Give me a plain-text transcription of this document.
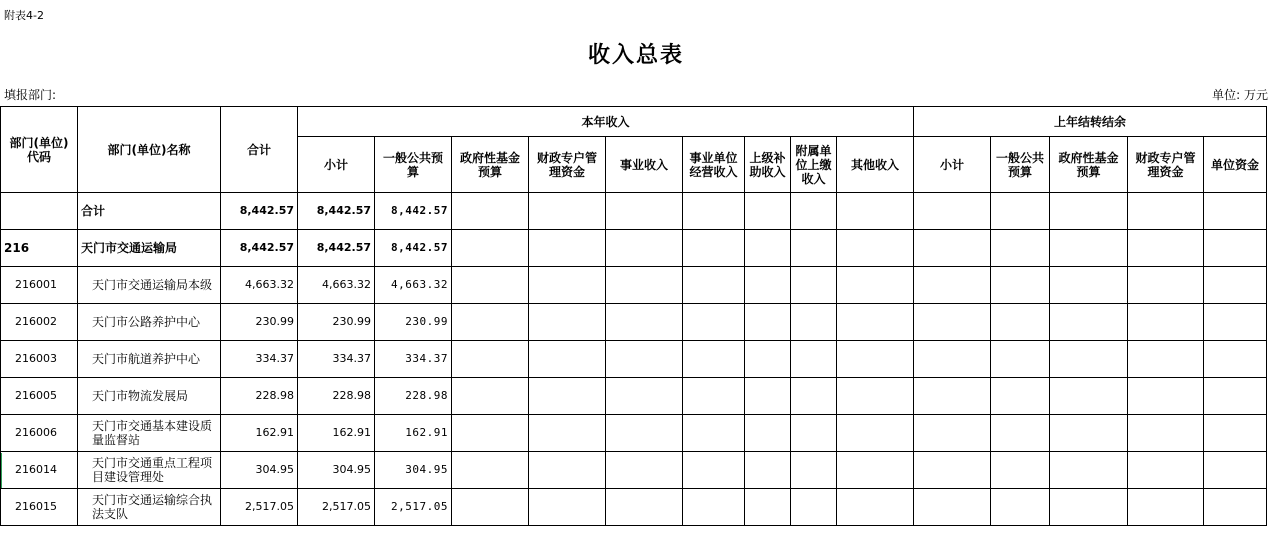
附表4-2
收入总表
填报部门:	单位: 万元
部门(单位)代码	部门(单位)名称	合计	本年收入									上年结转结余				
			小计	一般公共预算	政府性基金预算	财政专户管理资金	事业收入	事业单位经营收入	上级补助收入	附属单位上缴收入	其他收入	小计	一般公共预算	政府性基金预算	财政专户管理资金	单位资金
	合计	8,442.57	8,442.57	8,442.57												
216	天门市交通运输局	8,442.57	8,442.57	8,442.57												
216001	天门市交通运输局本级	4,663.32	4,663.32	4,663.32												
216002	天门市公路养护中心	230.99	230.99	230.99												
216003	天门市航道养护中心	334.37	334.37	334.37												
216005	天门市物流发展局	228.98	228.98	228.98												
216006	天门市交通基本建设质量监督站	162.91	162.91	162.91												
216014	天门市交通重点工程项目建设管理处	304.95	304.95	304.95												
216015	天门市交通运输综合执法支队	2,517.05	2,517.05	2,517.05												
